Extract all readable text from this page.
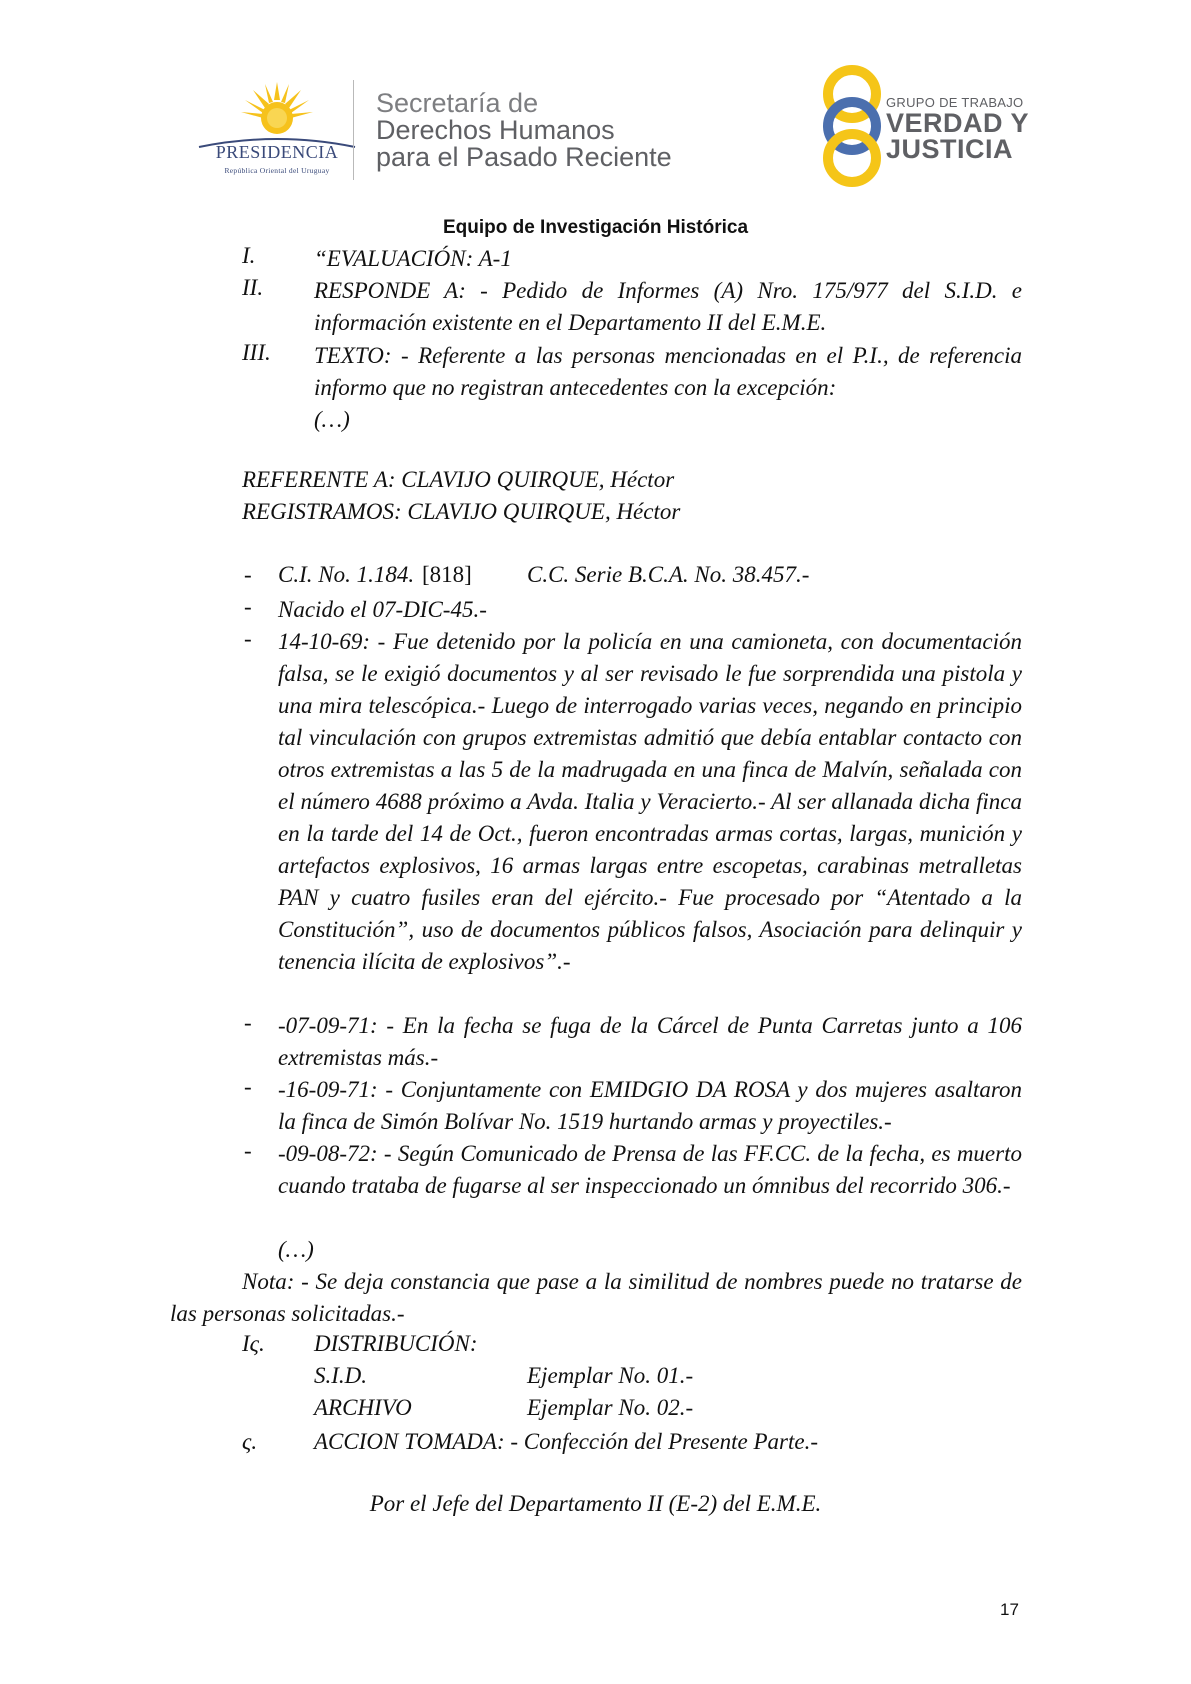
PRESIDENCIA
República Oriental del Uruguay
Secretaría de
Derechos Humanos
para el Pasado Reciente
GRUPO DE TRABAJO
VERDAD Y
JUSTICIA
Equipo de Investigación Histórica
I.	“EVALUACIÓN: A-1
II. RESPONDE A: - Pedido de Informes (A) Nro. 175/977 del S.I.D. e información existente en el Departamento II del E.M.E.
III. TEXTO: - Referente a las personas mencionadas en el P.I., de referencia informo que no registran antecedentes con la excepción:
(…)
REFERENTE A: CLAVIJO QUIRQUE, Héctor
REGISTRAMOS: CLAVIJO QUIRQUE, Héctor
- C.I. No. 1.184. [818] C.C. Serie B.C.A. No. 38.457.-
- Nacido el 07-DIC-45.-
- 14-10-69: - Fue detenido por la policía en una camioneta, con documentación falsa, se le exigió documentos y al ser revisado le fue sorprendida una pistola y una mira telescópica.- Luego de interrogado varias veces, negando en principio tal vinculación con grupos extremistas admitió que debía entablar contacto con otros extremistas a las 5 de la madrugada en una finca de Malvín, señalada con el número 4688 próximo a Avda. Italia y Veracierto.- Al ser allanada dicha finca en la tarde del 14 de Oct., fueron encontradas armas cortas, largas, munición y artefactos explosivos, 16 armas largas entre escopetas, carabinas metralletas PAN y cuatro fusiles eran del ejército.- Fue procesado por “Atentado a la Constitución”, uso de documentos públicos falsos, Asociación para delinquir y tenencia ilícita de explosivos”.-
- -07-09-71: - En la fecha se fuga de la Cárcel de Punta Carretas junto a 106 extremistas más.-
- -16-09-71: - Conjuntamente con EMIDGIO DA ROSA y dos mujeres asaltaron la finca de Simón Bolívar No. 1519 hurtando armas y proyectiles.-
- -09-08-72: - Según Comunicado de Prensa de las FF.CC. de la fecha, es muerto cuando trataba de fugarse al ser inspeccionado un ómnibus del recorrido 306.-
(…)
Nota: - Se deja constancia que pase a la similitud de nombres puede no tratarse de las personas solicitadas.-
Iς. DISTRIBUCIÓN:
S.I.D.	Ejemplar No. 01.-
ARCHIVO	Ejemplar No. 02.-
ς. ACCION TOMADA: - Confección del Presente Parte.-
Por el Jefe del Departamento II (E-2) del E.M.E.
17
